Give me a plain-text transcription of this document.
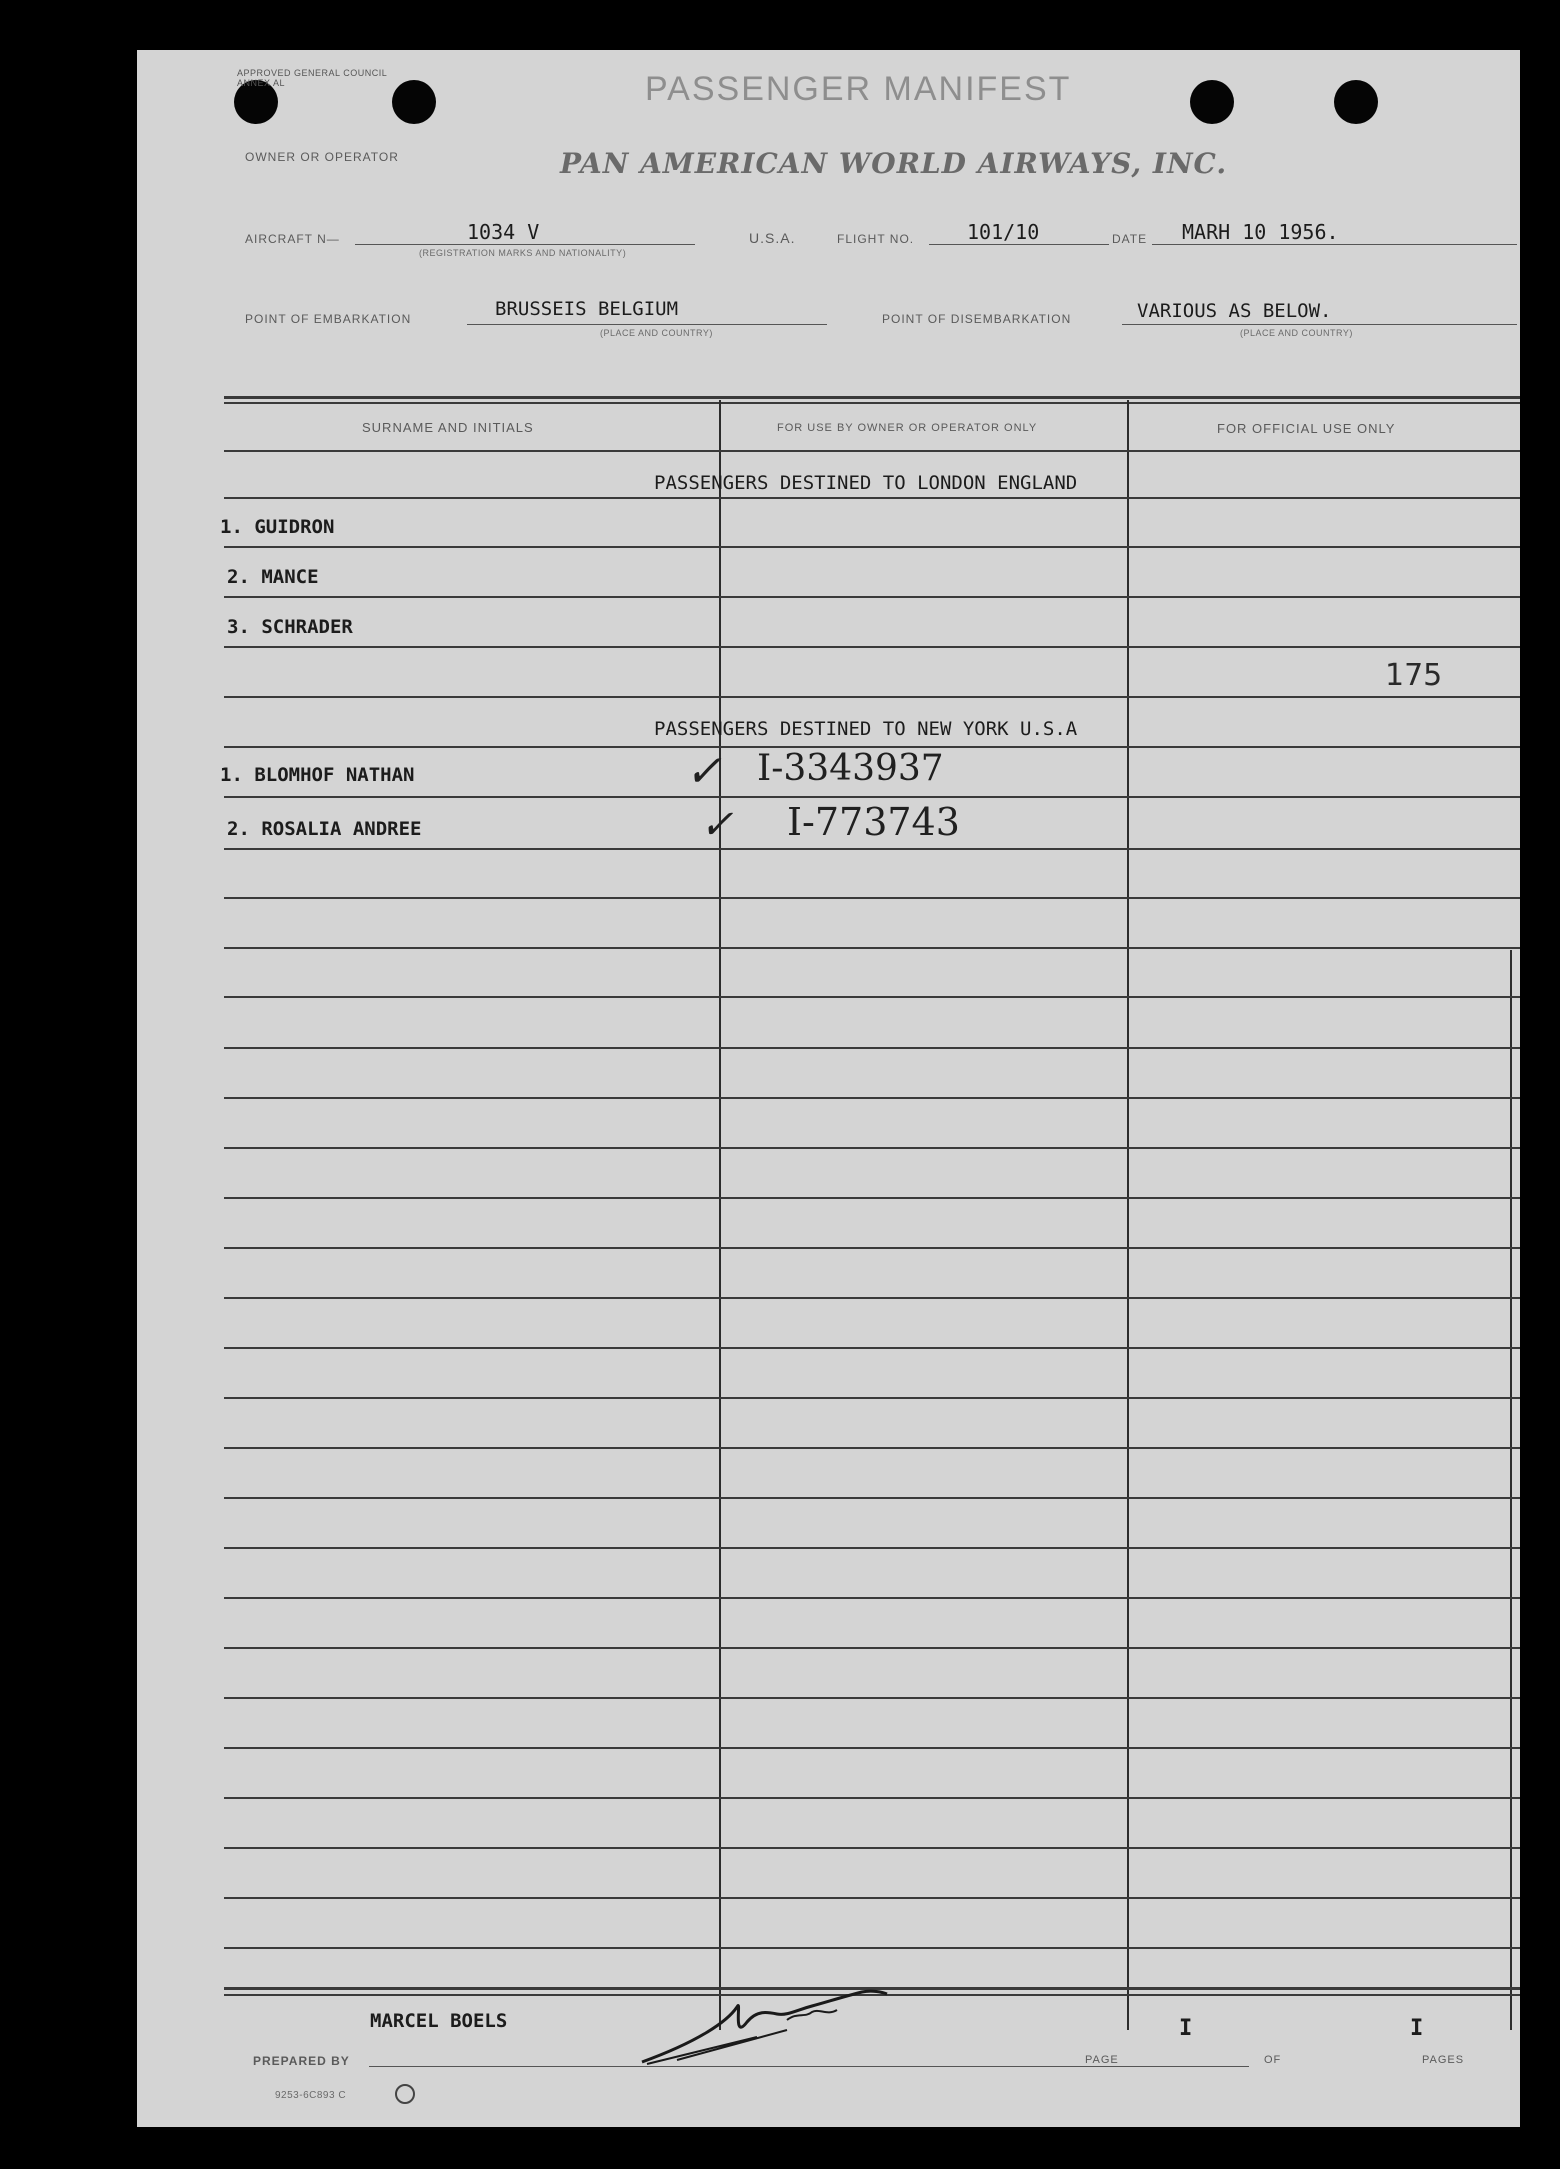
APPROVED GENERAL COUNCIL ANNEX AL	PASSENGER MANIFEST
OWNER OR OPERATOR	PAN AMERICAN WORLD AIRWAYS, INC.
AIRCRAFT N—	1034 V
(REGISTRATION MARKS AND NATIONALITY)
U.S.A.	FLIGHT NO.	101/10	DATE MARH 10 1956.
POINT OF EMBARKATION	BRUSSEIS BELGIUM
(PLACE AND COUNTRY)
POINT OF DISEMBARKATION	VARIOUS AS BELOW.
(PLACE AND COUNTRY)
SURNAME AND INITIALS	FOR USE BY OWNER OR OPERATOR ONLY	FOR OFFICIAL USE ONLY
PASSENGERS DESTINED TO LONDON ENGLAND
1. GUIDRON
2. MANCE
3. SCHRADER
175
PASSENGERS DESTINED TO NEW YORK U.S.A
1. BLOMHOF NATHAN	✓ I-3343937
2. ROSALIA ANDREE	✓ I-773743
MARCEL BOELS
PREPARED BY
I
PAGE	OF
I
PAGES
9253-6C893 C
